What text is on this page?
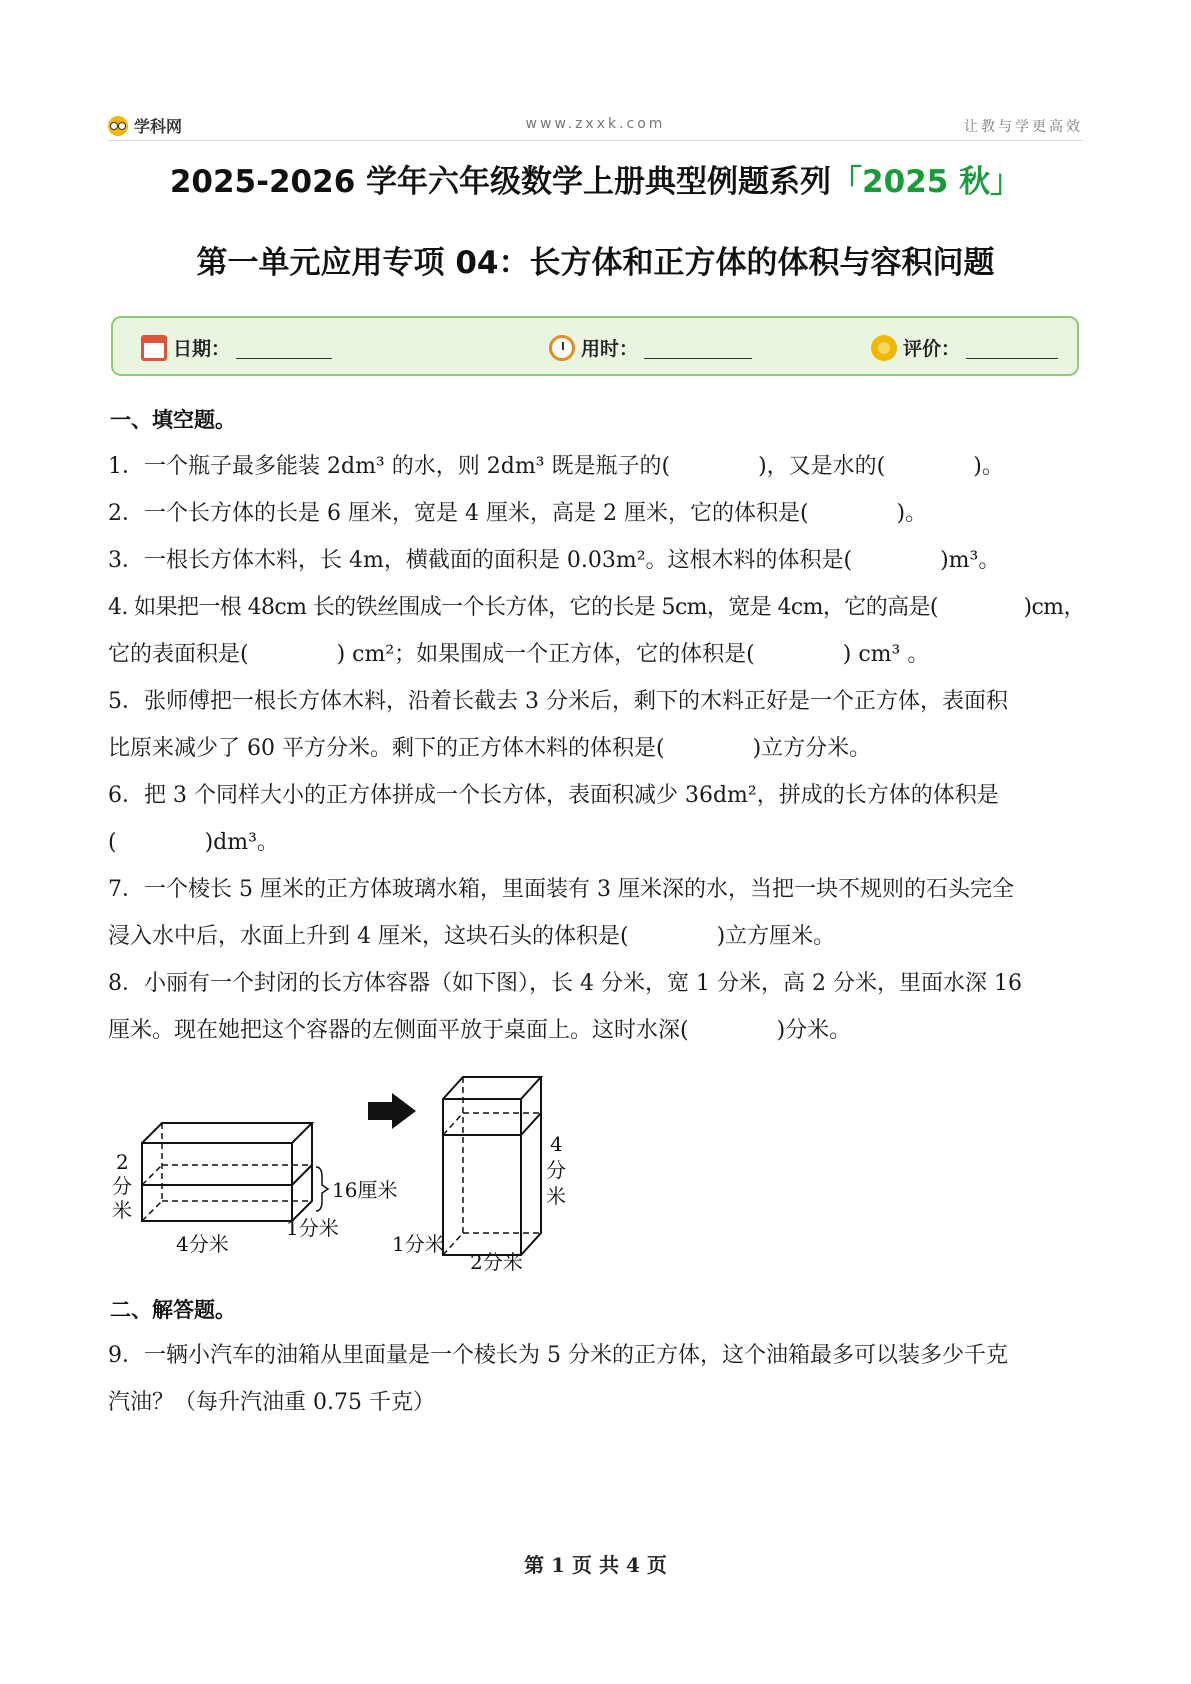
学科网	www.zxxk.com	让教与学更高效
2025-2026 学年六年级数学上册典型例题系列「2025 秋」
第一单元应用专项 04：长方体和正方体的体积与容积问题
日期：	用时：	评价：
一、填空题。
1．一个瓶子最多能装 2dm³ 的水，则 2dm³ 既是瓶子的(　　　　)，又是水的(　　　　)。
2．一个长方体的长是 6 厘米，宽是 4 厘米，高是 2 厘米，它的体积是(　　　　)。
3．一根长方体木料，长 4m，横截面的面积是 0.03m²。这根木料的体积是(　　　　)m³。
4. 如果把一根 48cm 长的铁丝围成一个长方体，它的长是 5cm，宽是 4cm，它的高是(　　　　)cm，
它的表面积是(　　　　) cm²；如果围成一个正方体，它的体积是(　　　　) cm³ 。
5．张师傅把一根长方体木料，沿着长截去 3 分米后，剩下的木料正好是一个正方体，表面积
比原来减少了 60 平方分米。剩下的正方体木料的体积是(　　　　)立方分米。
6．把 3 个同样大小的正方体拼成一个长方体，表面积减少 36dm²，拼成的长方体的体积是
(　　　　)dm³。
7．一个棱长 5 厘米的正方体玻璃水箱，里面装有 3 厘米深的水，当把一块不规则的石头完全
浸入水中后，水面上升到 4 厘米，这块石头的体积是(　　　　)立方厘米。
8．小丽有一个封闭的长方体容器（如下图），长 4 分米，宽 1 分米，高 2 分米，里面水深 16
厘米。现在她把这个容器的左侧面平放于桌面上。这时水深(　　　　)分米。
2
分
米
16厘米
1分米
4分米
4
分
米
1分米
2分米
二、解答题。
9．一辆小汽车的油箱从里面量是一个棱长为 5 分米的正方体，这个油箱最多可以装多少千克
汽油？（每升汽油重 0.75 千克）
第 1 页 共 4 页
